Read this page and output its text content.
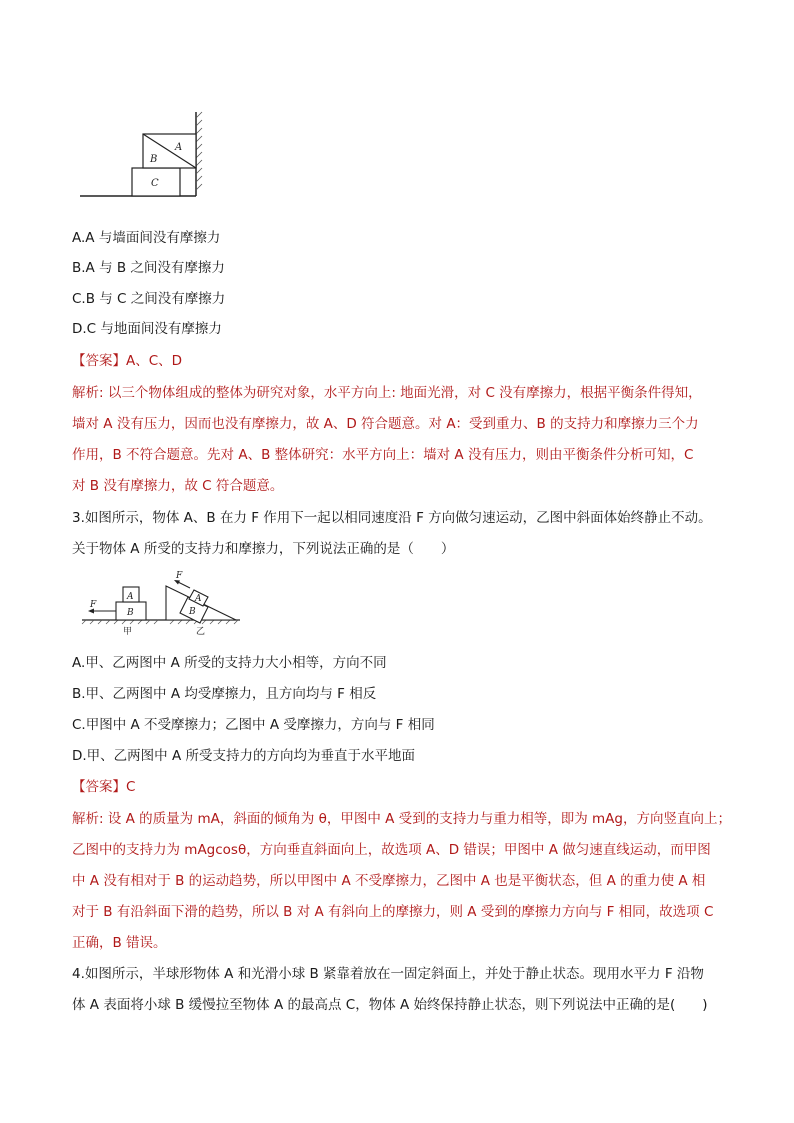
A
B
C
A.A 与墙面间没有摩擦力
B.A 与 B 之间没有摩擦力
C.B 与 C 之间没有摩擦力
D.C 与地面间没有摩擦力
【答案】A、C、D
解析: 以三个物体组成的整体为研究对象，水平方向上: 地面光滑，对 C 没有摩擦力，根据平衡条件得知，
墙对 A 没有压力，因而也没有摩擦力，故 A、D 符合题意。对 A：受到重力、B 的支持力和摩擦力三个力
作用，B 不符合题意。先对 A、B 整体研究：水平方向上：墙对 A 没有压力，则由平衡条件分析可知，C
对 B 没有摩擦力，故 C 符合题意。
3.如图所示，物体 A、B 在力 F 作用下一起以相同速度沿 F 方向做匀速运动，乙图中斜面体始终静止不动。
关于物体 A 所受的支持力和摩擦力，下列说法正确的是（　　）
F
A
B
甲
F
A
B
乙
A.甲、乙两图中 A 所受的支持力大小相等，方向不同
B.甲、乙两图中 A 均受摩擦力，且方向均与 F 相反
C.甲图中 A 不受摩擦力；乙图中 A 受摩擦力，方向与 F 相同
D.甲、乙两图中 A 所受支持力的方向均为垂直于水平地面
【答案】C
解析: 设 A 的质量为 mA，斜面的倾角为 θ，甲图中 A 受到的支持力与重力相等，即为 mAg，方向竖直向上；
乙图中的支持力为 mAgcosθ，方向垂直斜面向上，故选项 A、D 错误；甲图中 A 做匀速直线运动，而甲图
中 A 没有相对于 B 的运动趋势，所以甲图中 A 不受摩擦力，乙图中 A 也是平衡状态，但 A 的重力使 A 相
对于 B 有沿斜面下滑的趋势，所以 B 对 A 有斜向上的摩擦力，则 A 受到的摩擦力方向与 F 相同，故选项 C
正确，B 错误。
4.如图所示，半球形物体 A 和光滑小球 B 紧靠着放在一固定斜面上，并处于静止状态。现用水平力 F 沿物
体 A 表面将小球 B 缓慢拉至物体 A 的最高点 C，物体 A 始终保持静止状态，则下列说法中正确的是(　　)
